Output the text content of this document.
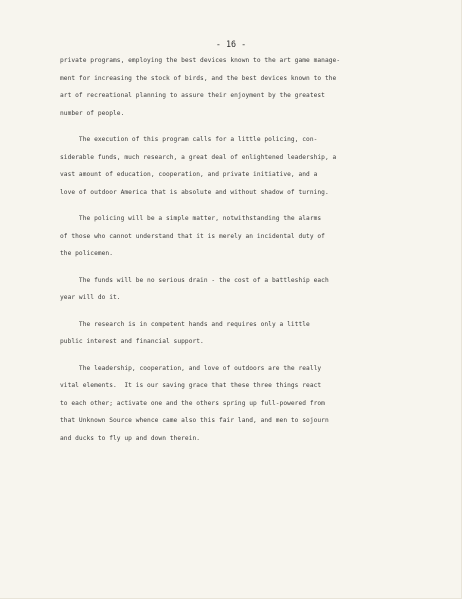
- 16 -
private programs, employing the best devices known to the art game manage-
ment for increasing the stock of birds, and the best devices known to the
art of recreational planning to assure their enjoyment by the greatest
number of people.
The execution of this program calls for a little policing, con-
siderable funds, much research, a great deal of enlightened leadership, a
vast amount of education, cooperation, and private initiative, and a
love of outdoor America that is absolute and without shadow of turning.
The policing will be a simple matter, notwithstanding the alarms
of those who cannot understand that it is merely an incidental duty of
the policemen.
The funds will be no serious drain - the cost of a battleship each
year will do it.
The research is in competent hands and requires only a little
public interest and financial support.
The leadership, cooperation, and love of outdoors are the really
vital elements.  It is our saving grace that these three things react
to each other; activate one and the others spring up full-powered from
that Unknown Source whence came also this fair land, and men to sojourn
and ducks to fly up and down therein.
